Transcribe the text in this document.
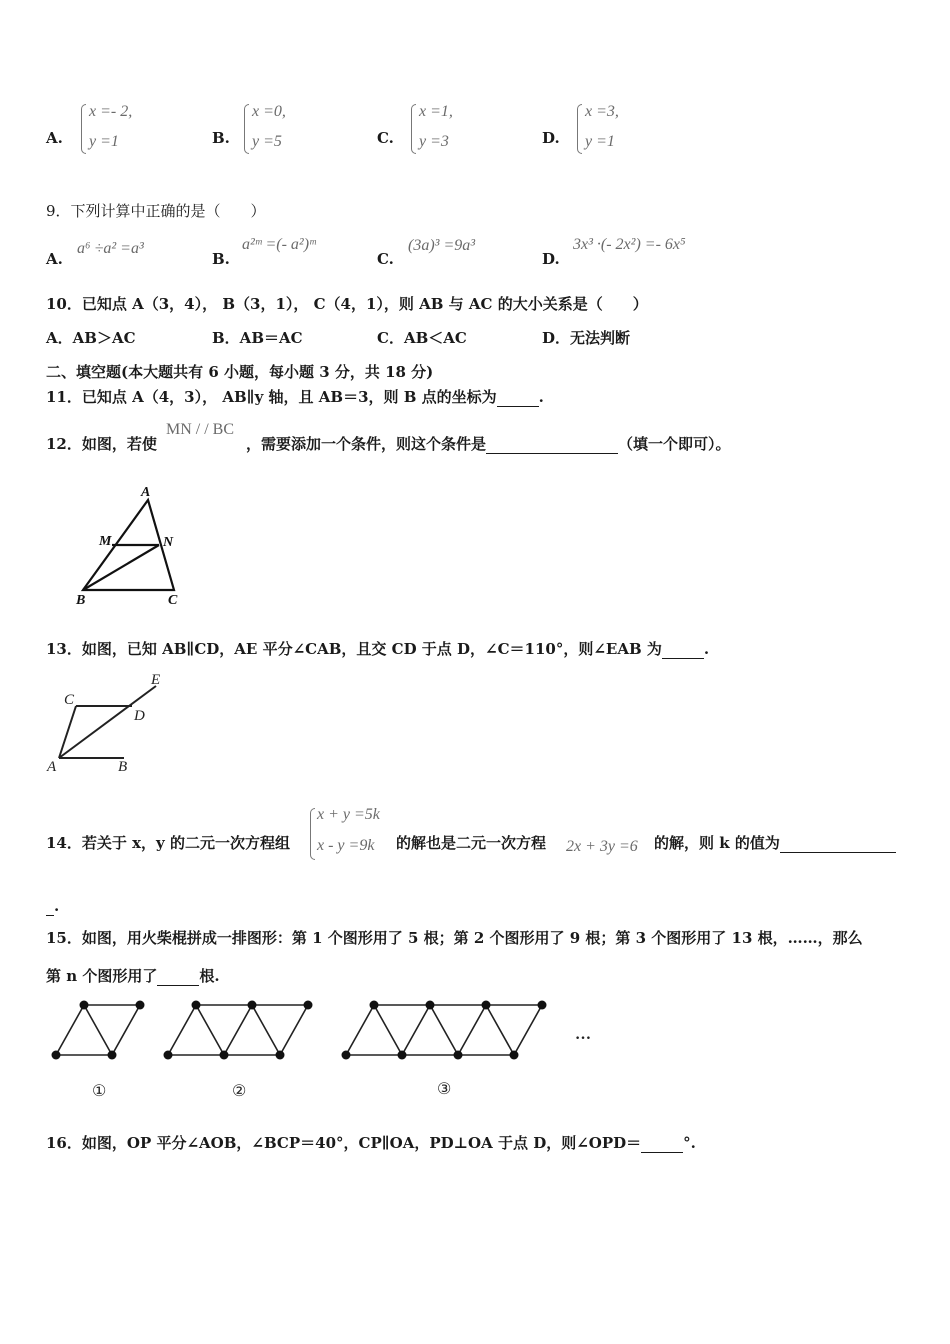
A.
x =- 2,
y =1	B.
x =0,
y =5	C.
x =1,
y =3	D.
x =3,
y =1
9．下列计算中正确的是（　　）
A.
a⁶ ÷a² =a³
B.
a²ᵐ =(- a²)ᵐ
C.
(3a)³ =9a³
D.
3x³ ·(- 2x²) =- 6x⁵
10．已知点 A（3，4）， B（3，1）， C（4，1），则 AB 与 AC 的大小关系是（　　）
A．AB＞AC	B．AB＝AC	C．AB＜AC	D．无法判断
二、填空题(本大题共有 6 小题，每小题 3 分，共 18 分)
11．已知点 A（4，3）， AB∥y 轴，且 AB＝3，则 B 点的坐标为	.
12．如图，若使
MN / / BC
，需要添加一个条件，则这个条件是	（填一个即可）。
A
M	N
B	C
13．如图，已知 AB∥CD，AE 平分∠CAB，且交 CD 于点 D，∠C＝110°，则∠EAB 为	.
C
E
D
A	B
14．若关于 x，y 的二元一次方程组
x + y =5k
x - y =9k 的解也是二元一次方程 2x + 3y =6 的解，则 k 的值为
.
15．如图，用火柴棍拼成一排图形：第 1 个图形用了 5 根；第 2 个图形用了 9 根；第 3 个图形用了 13 根，……，那么
第 n 个图形用了	根.
①	②	③
…
16．如图，OP 平分∠AOB，∠BCP＝40°，CP∥OA，PD⊥OA 于点 D，则∠OPD＝	°.
